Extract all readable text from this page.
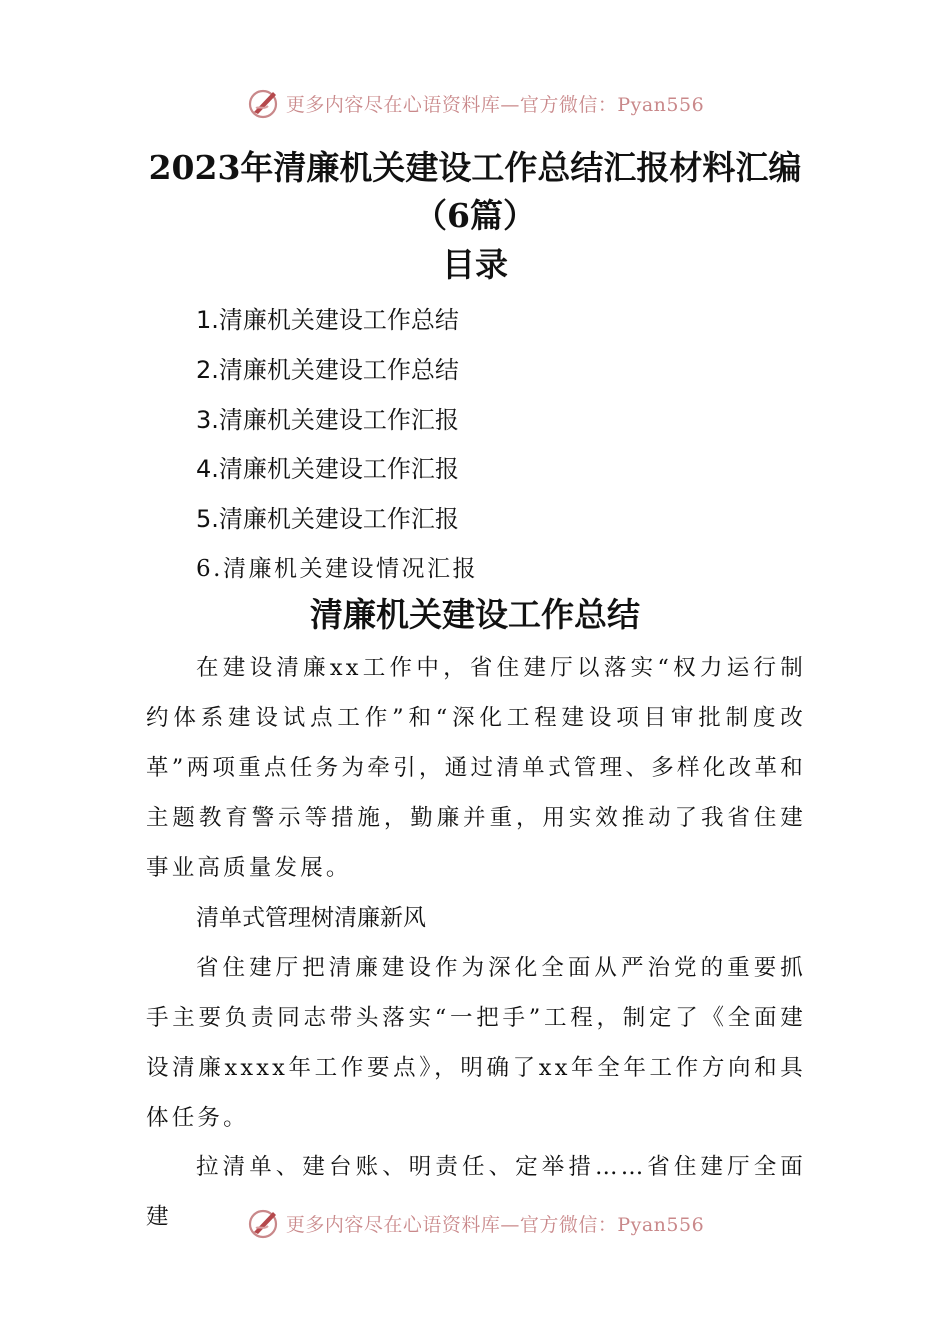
更多内容尽在心语资料库—官方微信：Pyan556
2023年清廉机关建设工作总结汇报材料汇编（6篇）
目录
1.清廉机关建设工作总结
2.清廉机关建设工作总结
3.清廉机关建设工作汇报
4.清廉机关建设工作汇报
5.清廉机关建设工作汇报
6.清廉机关建设情况汇报
清廉机关建设工作总结

在建设清廉xx工作中，省住建厅以落实“权力运行制约体系建设试点工作”和“深化工程建设项目审批制度改革”两项重点任务为牵引，通过清单式管理、多样化改革和主题教育警示等措施，勤廉并重，用实效推动了我省住建事业高质量发展。

清单式管理树清廉新风

省住建厅把清廉建设作为深化全面从严治党的重要抓手主要负责同志带头落实“一把手”工程，制定了《全面建设清廉xxxx年工作要点》，明确了xx年全年工作方向和具体任务。

拉清单、建台账、明责任、定举措……省住建厅全面建	更多内容尽在心语资料库—官方微信：Pyan556
